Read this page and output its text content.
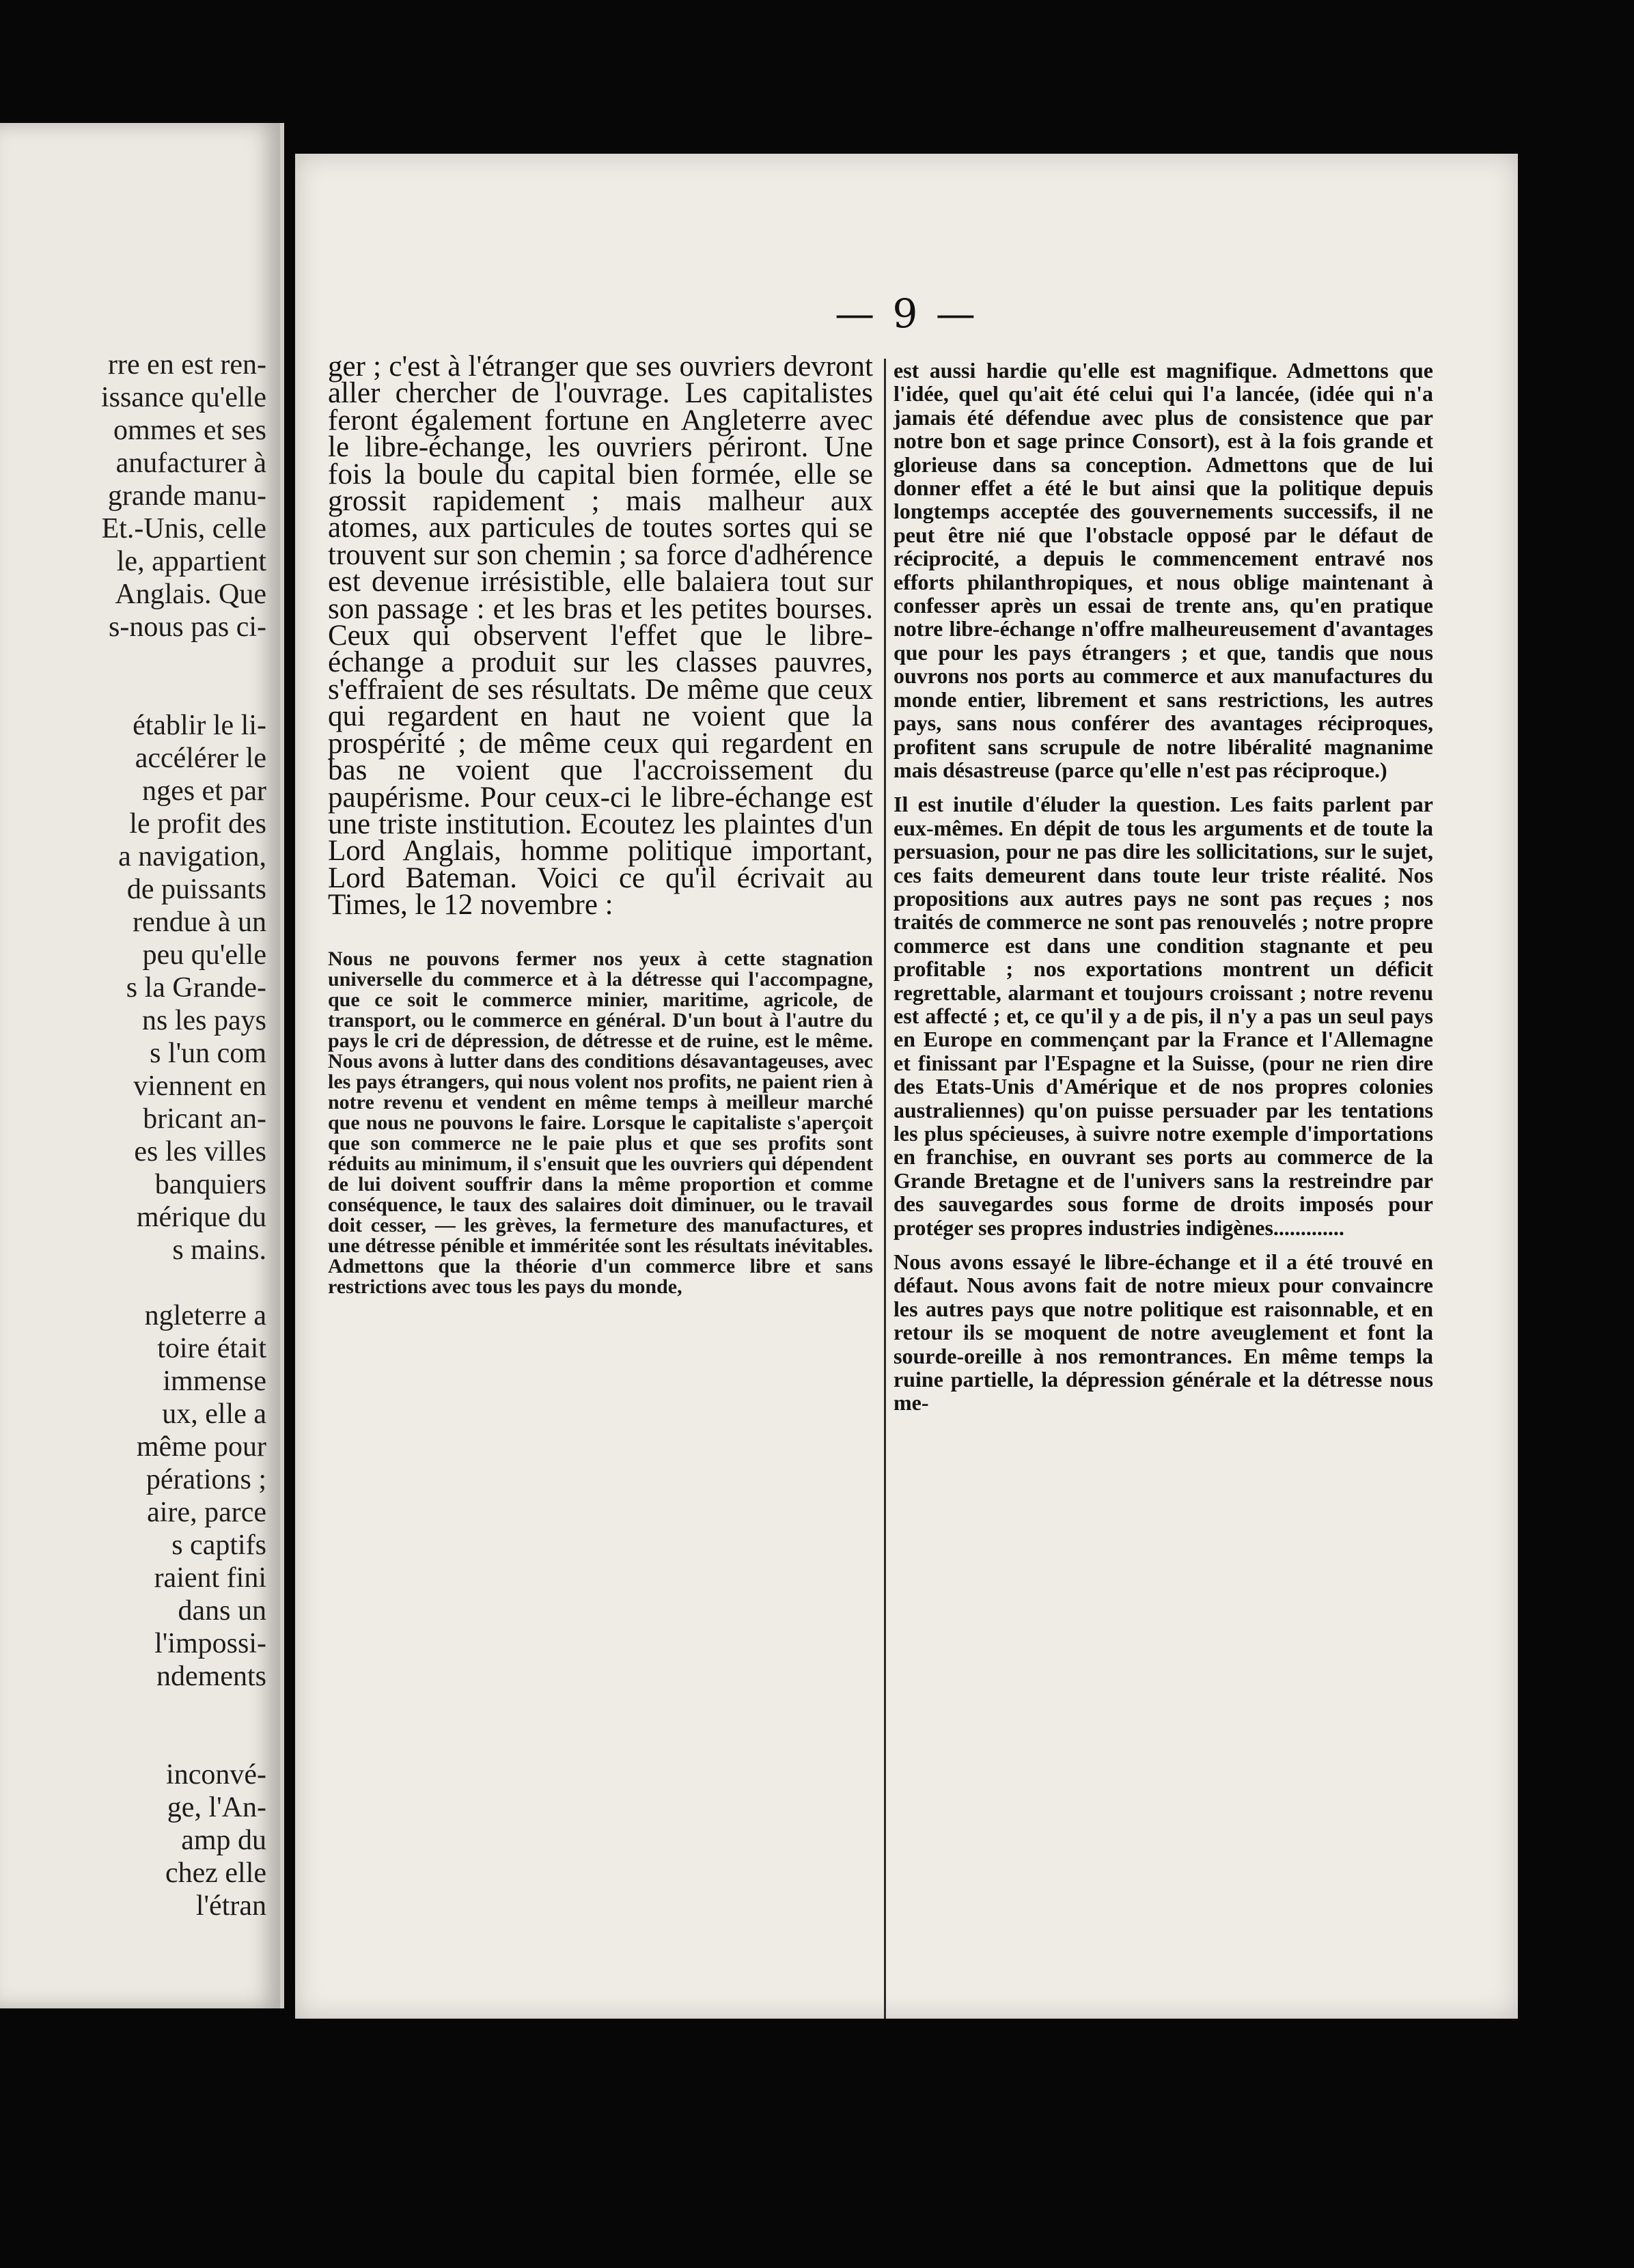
rre en est ren-
issance qu'elle
ommes et ses
anufacturer à
grande manu-
Et.-Unis, celle
le, appartient
Anglais. Que
s-nous pas ci-
établir le li-
accélérer le
nges et par
le profit des
a navigation,
de puissants
rendue à un
peu qu'elle
s la Grande-
ns les pays
s l'un com
viennent en
bricant an-
es les villes
banquiers
mérique du
s mains.
ngleterre a
toire était
immense
ux, elle a
même pour
pérations ;
aire, parce
s captifs
raient fini
dans un
l'impossi-
ndements
inconvé-
ge, l'An-
amp du
chez elle
l'étran
— 9 —

ger ; c'est à l'étranger que ses ouvriers devront aller chercher de l'ouvrage. Les capitalistes feront également fortune en Angleterre avec le libre-échange, les ouvriers périront. Une fois la boule du capital bien formée, elle se grossit rapidement ; mais malheur aux atomes, aux particules de toutes sortes qui se trouvent sur son chemin ; sa force d'adhérence est devenue irrésistible, elle balaiera tout sur son passage : et les bras et les petites bourses. Ceux qui observent l'effet que le libre-échange a produit sur les classes pauvres, s'effraient de ses résultats. De même que ceux qui regardent en haut ne voient que la prospérité ; de même ceux qui regardent en bas ne voient que l'accroissement du paupérisme. Pour ceux-ci le libre-échange est une triste institution. Ecoutez les plaintes d'un Lord Anglais, homme politique important, Lord Bateman. Voici ce qu'il écrivait au Times, le 12 novembre :

Nous ne pouvons fermer nos yeux à cette stagnation universelle du commerce et à la détresse qui l'accompagne, que ce soit le commerce minier, maritime, agricole, de transport, ou le commerce en général. D'un bout à l'autre du pays le cri de dépression, de détresse et de ruine, est le même. Nous avons à lutter dans des conditions désavantageuses, avec les pays étrangers, qui nous volent nos profits, ne paient rien à notre revenu et vendent en même temps à meilleur marché que nous ne pouvons le faire. Lorsque le capitaliste s'aperçoit que son commerce ne le paie plus et que ses profits sont réduits au minimum, il s'ensuit que les ouvriers qui dépendent de lui doivent souffrir dans la même proportion et comme conséquence, le taux des salaires doit diminuer, ou le travail doit cesser, — les grèves, la fermeture des manufactures, et une détresse pénible et imméritée sont les résultats inévitables. Admettons que la théorie d'un commerce libre et sans restrictions avec tous les pays du monde,

est aussi hardie qu'elle est magnifique. Admettons que l'idée, quel qu'ait été celui qui l'a lancée, (idée qui n'a jamais été défendue avec plus de consistence que par notre bon et sage prince Consort), est à la fois grande et glorieuse dans sa conception. Admettons que de lui donner effet a été le but ainsi que la politique depuis longtemps acceptée des gouvernements successifs, il ne peut être nié que l'obstacle opposé par le défaut de réciprocité, a depuis le commencement entravé nos efforts philanthropiques, et nous oblige maintenant à confesser après un essai de trente ans, qu'en pratique notre libre-échange n'offre malheureusement d'avantages que pour les pays étrangers ; et que, tandis que nous ouvrons nos ports au commerce et aux manufactures du monde entier, librement et sans restrictions, les autres pays, sans nous conférer des avantages réciproques, profitent sans scrupule de notre libéralité magnanime mais désastreuse (parce qu'elle n'est pas réciproque.)

Il est inutile d'éluder la question. Les faits parlent par eux-mêmes. En dépit de tous les arguments et de toute la persuasion, pour ne pas dire les sollicitations, sur le sujet, ces faits demeurent dans toute leur triste réalité. Nos propositions aux autres pays ne sont pas reçues ; nos traités de commerce ne sont pas renouvelés ; notre propre commerce est dans une condition stagnante et peu profitable ; nos exportations montrent un déficit regrettable, alarmant et toujours croissant ; notre revenu est affecté ; et, ce qu'il y a de pis, il n'y a pas un seul pays en Europe en commençant par la France et l'Allemagne et finissant par l'Espagne et la Suisse, (pour ne rien dire des Etats-Unis d'Amérique et de nos propres colonies australiennes) qu'on puisse persuader par les tentations les plus spécieuses, à suivre notre exemple d'importations en franchise, en ouvrant ses ports au commerce de la Grande Bretagne et de l'univers sans la restreindre par des sauvegardes sous forme de droits imposés pour protéger ses propres industries indigènes.............

Nous avons essayé le libre-échange et il a été trouvé en défaut. Nous avons fait de notre mieux pour convaincre les autres pays que notre politique est raisonnable, et en retour ils se moquent de notre aveuglement et font la sourde-oreille à nos remontrances. En même temps la ruine partielle, la dépression générale et la détresse nous me-
